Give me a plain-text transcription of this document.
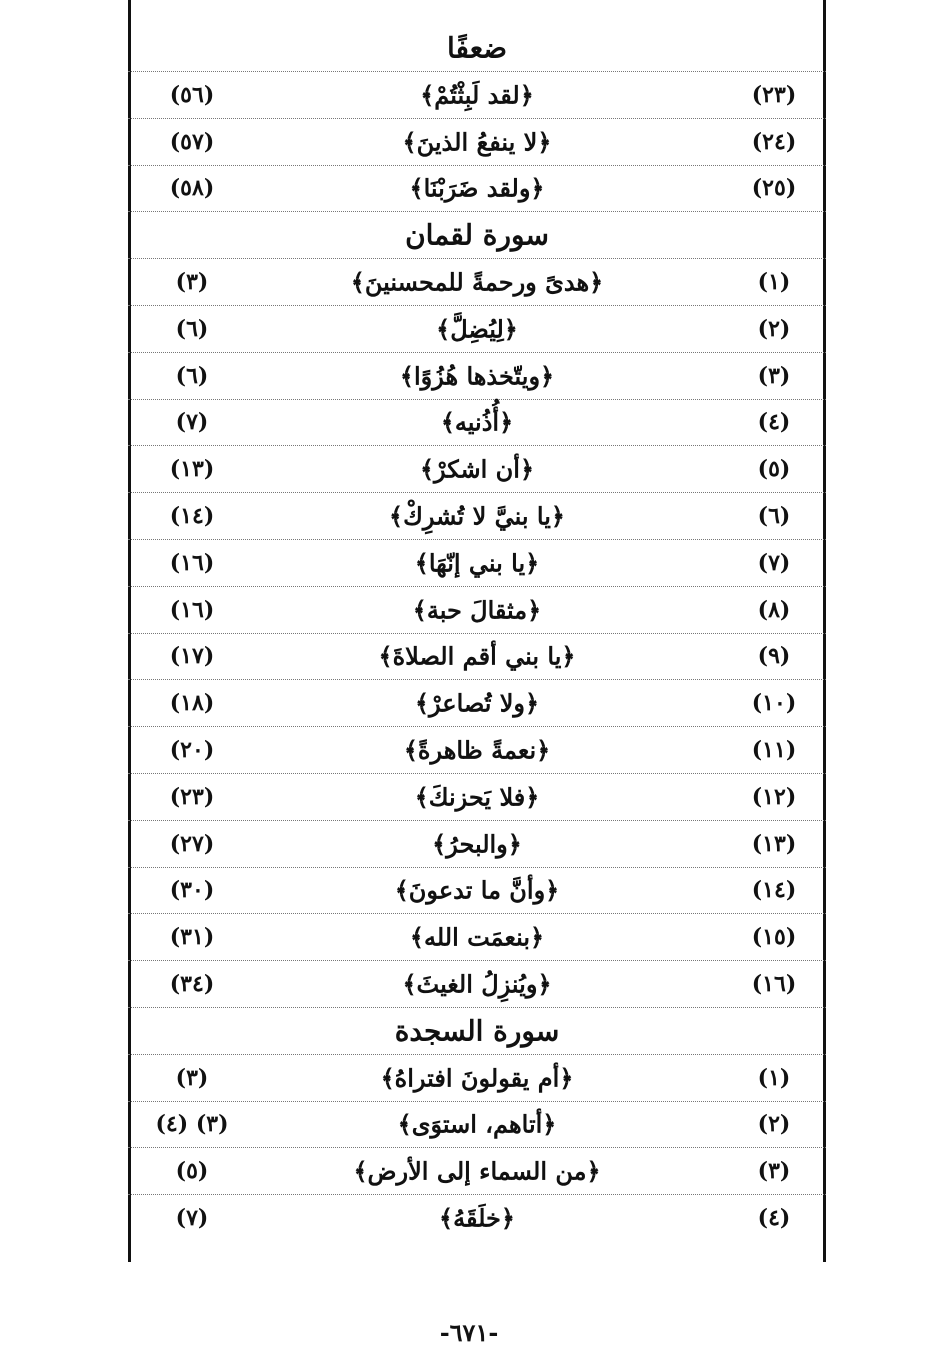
ضعفًا
(٢٣)
﴿لقد لَبِثْتُمْ﴾
(٥٦)
(٢٤)
﴿لا ينفعُ الذينَ﴾
(٥٧)
(٢٥)
﴿ولقد ضَرَبْنَا﴾
(٥٨)
سورة لقمان
(١)
﴿هدىً ورحمةً للمحسنينَ﴾
(٣)
(٢)
﴿لِيُضِلَّ﴾
(٦)
(٣)
﴿ويتّخذها هُزُوًا﴾
(٦)
(٤)
﴿أُذُنيه﴾
(٧)
(٥)
﴿أن اشكرْ﴾
(١٣)
(٦)
﴿يا بنيَّ لا تُشرِكْ﴾
(١٤)
(٧)
﴿يا بني إنّهَا﴾
(١٦)
(٨)
﴿مثقالَ حبة﴾
(١٦)
(٩)
﴿يا بني أقم الصلاةَ﴾
(١٧)
(١٠)
﴿ولا تُصاعرْ﴾
(١٨)
(١١)
﴿نعمةً ظاهرةً﴾
(٢٠)
(١٢)
﴿فلا يَحزنكَ﴾
(٢٣)
(١٣)
﴿والبحرُ﴾
(٢٧)
(١٤)
﴿وأنَّ ما تدعونَ﴾
(٣٠)
(١٥)
﴿بنعمَت الله﴾
(٣١)
(١٦)
﴿ويُنزِلُ الغيثَ﴾
(٣٤)
سورة السجدة
(١)
﴿أم يقولونَ افتراهُ﴾
(٣)
(٢)
﴿أتاهم، استوَى﴾
(٣) (٤)
(٣)
﴿من السماء إلى الأرض﴾
(٥)
(٤)
﴿خلَقَهُ﴾
(٧)
-٦٧١-
